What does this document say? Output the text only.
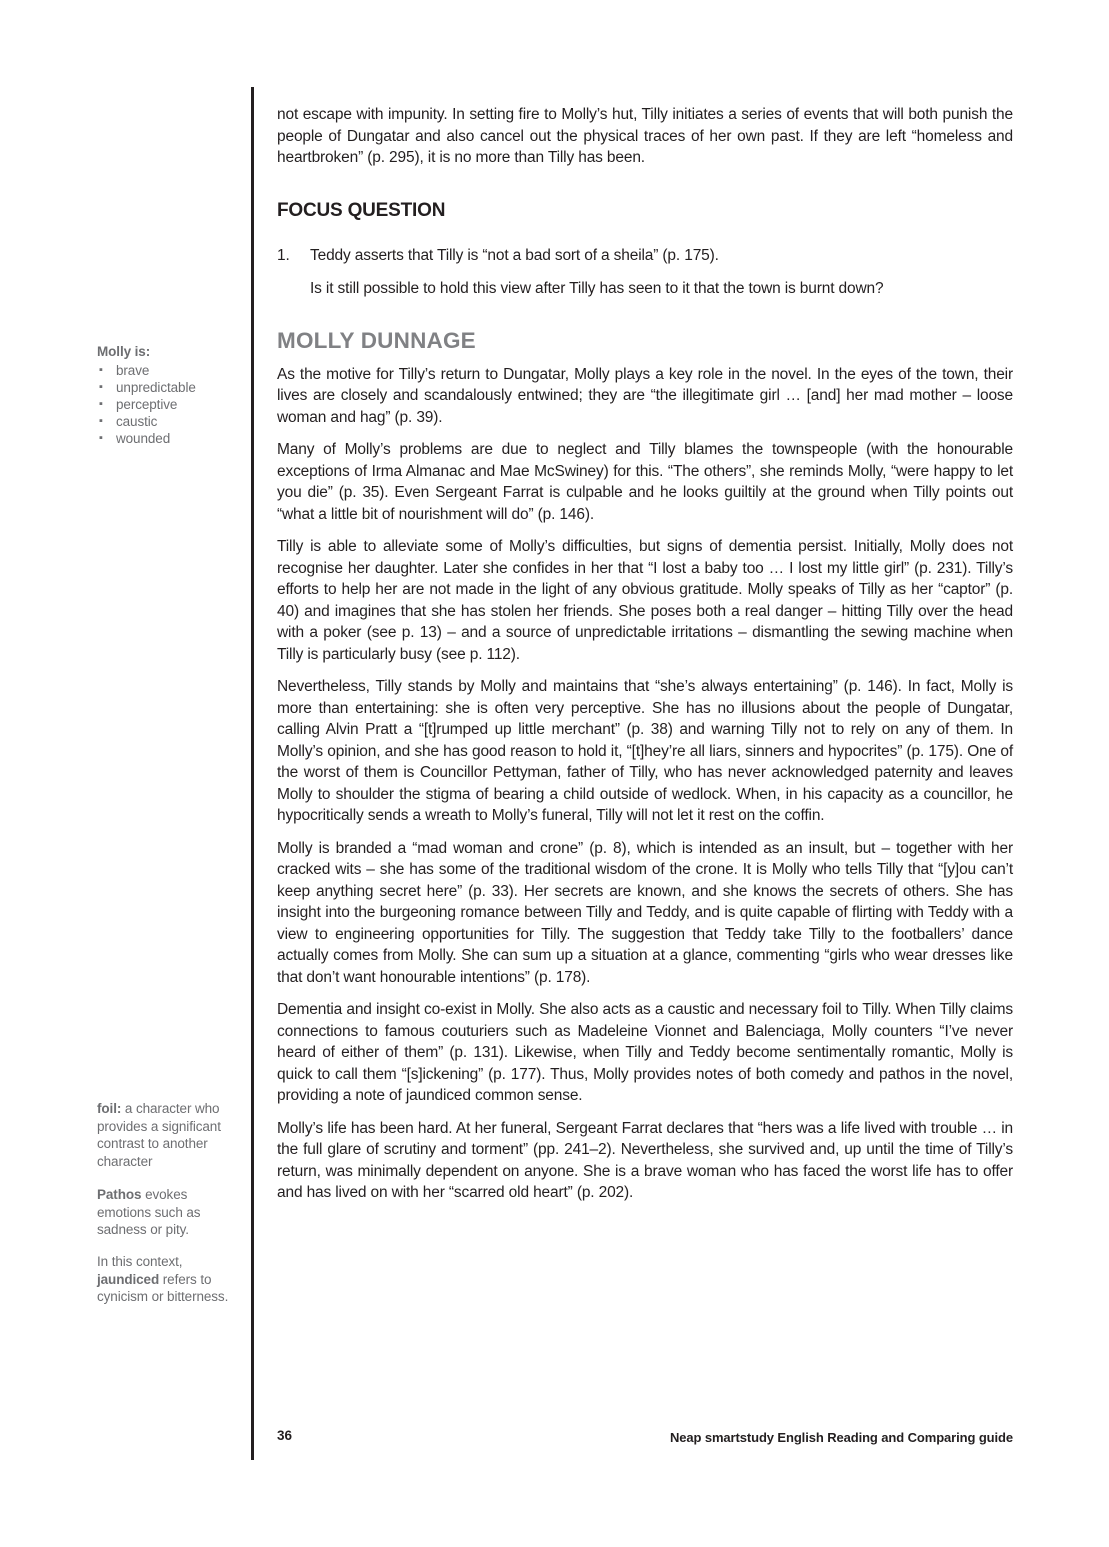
Molly is:
▪ brave
▪ unpredictable
▪ perceptive
▪ caustic
▪ wounded
foil: a character who provides a significant contrast to another character
Pathos evokes emotions such as sadness or pity.
In this context, jaundiced refers to cynicism or bitterness.

not escape with impunity. In setting fire to Molly’s hut, Tilly initiates a series of events that will both punish the people of Dungatar and also cancel out the physical traces of her own past. If they are left “homeless and heartbroken” (p. 295), it is no more than Tilly has been.

FOCUS QUESTION
1.	Teddy asserts that Tilly is “not a bad sort of a sheila” (p. 175).

Is it still possible to hold this view after Tilly has seen to it that the town is burnt down?

MOLLY DUNNAGE

As the motive for Tilly’s return to Dungatar, Molly plays a key role in the novel. In the eyes of the town, their lives are closely and scandalously entwined; they are “the illegitimate girl … [and] her mad mother – loose woman and hag” (p. 39).

Many of Molly’s problems are due to neglect and Tilly blames the townspeople (with the honourable exceptions of Irma Almanac and Mae McSwiney) for this. “The others”, she reminds Molly, “were happy to let you die” (p. 35). Even Sergeant Farrat is culpable and he looks guiltily at the ground when Tilly points out “what a little bit of nourishment will do” (p. 146).

Tilly is able to alleviate some of Molly’s difficulties, but signs of dementia persist. Initially, Molly does not recognise her daughter. Later she confides in her that “I lost a baby too … I lost my little girl” (p. 231). Tilly’s efforts to help her are not made in the light of any obvious gratitude. Molly speaks of Tilly as her “captor” (p. 40) and imagines that she has stolen her friends. She poses both a real danger – hitting Tilly over the head with a poker (see p. 13) – and a source of unpredictable irritations – dismantling the sewing machine when Tilly is particularly busy (see p. 112).

Nevertheless, Tilly stands by Molly and maintains that “she’s always entertaining” (p. 146). In fact, Molly is more than entertaining: she is often very perceptive. She has no illusions about the people of Dungatar, calling Alvin Pratt a “[t]rumped up little merchant” (p. 38) and warning Tilly not to rely on any of them. In Molly’s opinion, and she has good reason to hold it, “[t]hey’re all liars, sinners and hypocrites” (p. 175). One of the worst of them is Councillor Pettyman, father of Tilly, who has never acknowledged paternity and leaves Molly to shoulder the stigma of bearing a child outside of wedlock. When, in his capacity as a councillor, he hypocritically sends a wreath to Molly’s funeral, Tilly will not let it rest on the coffin.

Molly is branded a “mad woman and crone” (p. 8), which is intended as an insult, but – together with her cracked wits – she has some of the traditional wisdom of the crone. It is Molly who tells Tilly that “[y]ou can’t keep anything secret here” (p. 33). Her secrets are known, and she knows the secrets of others. She has insight into the burgeoning romance between Tilly and Teddy, and is quite capable of flirting with Teddy with a view to engineering opportunities for Tilly. The suggestion that Teddy take Tilly to the footballers’ dance actually comes from Molly. She can sum up a situation at a glance, commenting “girls who wear dresses like that don’t want honourable intentions” (p. 178).

Dementia and insight co-exist in Molly. She also acts as a caustic and necessary foil to Tilly. When Tilly claims connections to famous couturiers such as Madeleine Vionnet and Balenciaga, Molly counters “I’ve never heard of either of them” (p. 131). Likewise, when Tilly and Teddy become sentimentally romantic, Molly is quick to call them “[s]ickening” (p. 177). Thus, Molly provides notes of both comedy and pathos in the novel, providing a note of jaundiced common sense.

Molly’s life has been hard. At her funeral, Sergeant Farrat declares that “hers was a life lived with trouble … in the full glare of scrutiny and torment” (pp. 241–2). Nevertheless, she survived and, up until the time of Tilly’s return, was minimally dependent on anyone. She is a brave woman who has faced the worst life has to offer and has lived on with her “scarred old heart” (p. 202).

36	Neap smartstudy English Reading and Comparing guide
